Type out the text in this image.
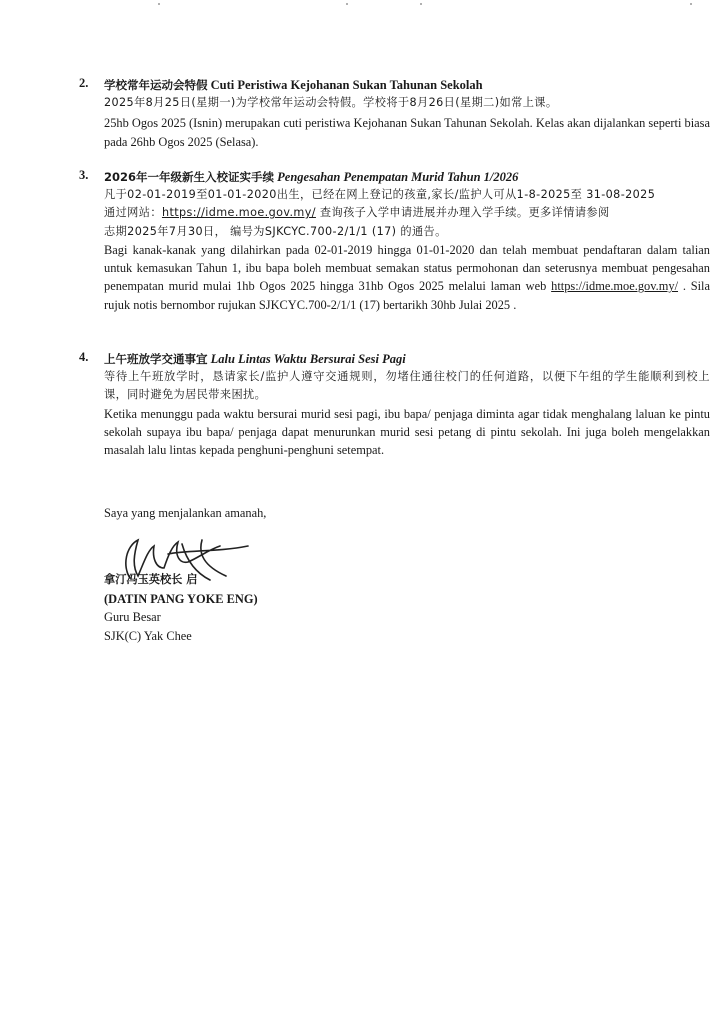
2. 学校常年运动会特假 Cuti Peristiwa Kejohanan Sukan Tahunan Sekolah
2025年8月25日(星期一)为学校常年运动会特假。学校将于8月26日(星期二)如常上课。
25hb Ogos 2025 (Isnin) merupakan cuti peristiwa Kejohanan Sukan Tahunan Sekolah. Kelas akan dijalankan seperti biasa pada 26hb Ogos 2025 (Selasa).
3. 2026年一年级新生入校证实手续 Pengesahan Penempatan Murid Tahun 1/2026
凡于02-01-2019至01-01-2020出生，已经在网上登记的孩童,家长/监护人可从1-8-2025至 31-08-2025
通过网站：https://idme.moe.gov.my/ 查询孩子入学申请进展并办理入学手续。更多详情请参阅
志期2025年7月30日， 编号为SJKCYC.700-2/1/1 (17) 的通告。
Bagi kanak-kanak yang dilahirkan pada 02-01-2019 hingga 01-01-2020 dan telah membuat pendaftaran dalam talian untuk kemasukan Tahun 1, ibu bapa boleh membuat semakan status permohonan dan seterusnya membuat pengesahan penempatan murid mulai 1hb Ogos 2025 hingga 31hb Ogos 2025 melalui laman web https://idme.moe.gov.my/ . Sila rujuk notis bernombor rujukan SJKCYC.700-2/1/1 (17) bertarikh 30hb Julai 2025 .
4. 上午班放学交通事宜 Lalu Lintas Waktu Bersurai Sesi Pagi
等待上午班放学时，恳请家长/监护人遵守交通规则，勿堵住通往校门的任何道路，以便下午组的学生能顺利到校上课，同时避免为居民带来困扰。
Ketika menunggu pada waktu bersurai murid sesi pagi, ibu bapa/ penjaga diminta agar tidak menghalang laluan ke pintu sekolah supaya ibu bapa/ penjaga dapat menurunkan murid sesi petang di pintu sekolah. Ini juga boleh mengelakkan masalah lalu lintas kepada penghuni-penghuni setempat.
Saya yang menjalankan amanah,
拿汀冯玉英校长 启
(DATIN PANG YOKE ENG)
Guru Besar
SJK(C) Yak Chee
